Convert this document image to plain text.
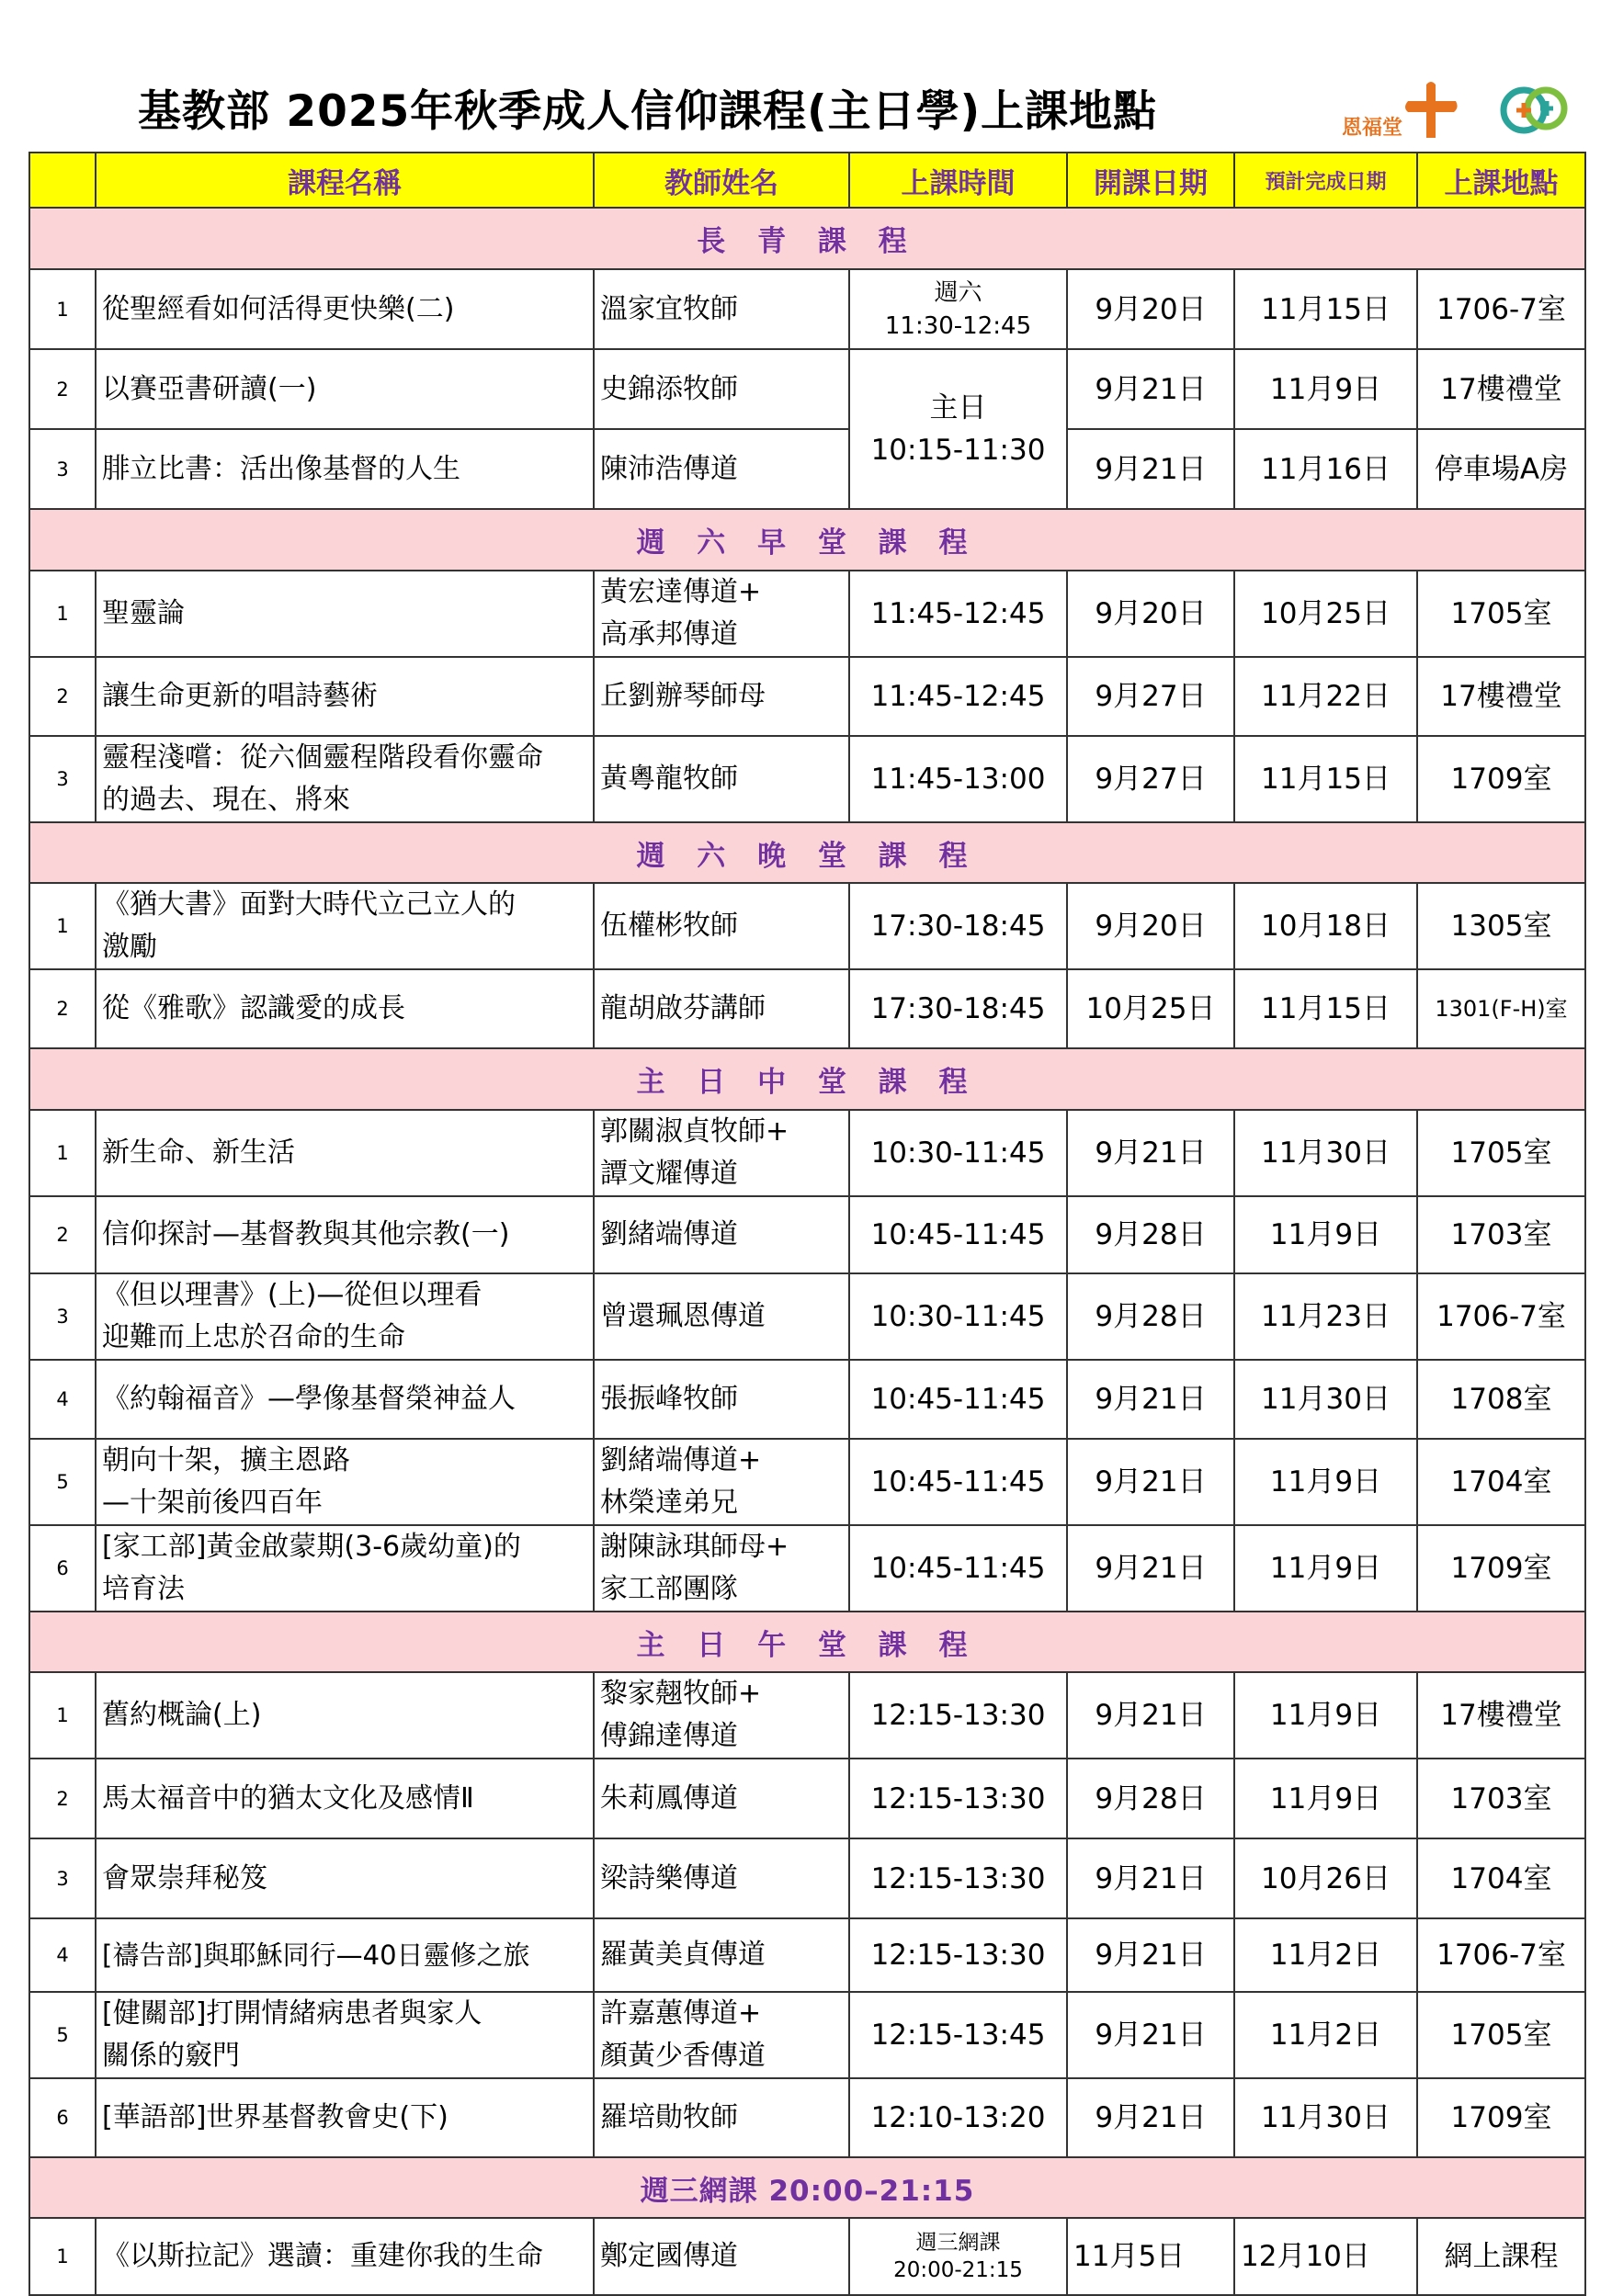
基教部 2025年秋季成人信仰課程(主日學)上課地點	恩福堂
	課程名稱	教師姓名	上課時間	開課日期	預計完成日期	上課地點
長 青 課 程						
1	從聖經看如何活得更快樂(二)	溫家宜牧師	週六
11:30-12:45	9月20日	11月15日	1706-7室
2	以賽亞書研讀(一)	史錦添牧師	主日
10:15-11:30	9月21日	11月9日	17樓禮堂
3	腓立比書：活出像基督的人生	陳沛浩傳道		9月21日	11月16日	停車場A房
週 六 早 堂 課 程						
1	聖靈論	黃宏達傳道+
高承邦傳道	11:45-12:45	9月20日	10月25日	1705室
2	讓生命更新的唱詩藝術	丘劉辦琴師母	11:45-12:45	9月27日	11月22日	17樓禮堂
3	靈程淺嚐：從六個靈程階段看你靈命
的過去、現在、將來	黃粵龍牧師	11:45-13:00	9月27日	11月15日	1709室
週 六 晚 堂 課 程						
1	《猶大書》面對大時代立己立人的
激勵	伍權彬牧師	17:30-18:45	9月20日	10月18日	1305室
2	從《雅歌》認識愛的成長	龍胡啟芬講師	17:30-18:45	10月25日	11月15日	1301(F-H)室
主 日 中 堂 課 程						
1	新生命、新生活	郭關淑貞牧師+
譚文耀傳道	10:30-11:45	9月21日	11月30日	1705室
2	信仰探討—基督教與其他宗教(一)	劉緒端傳道	10:45-11:45	9月28日	11月9日	1703室
3	《但以理書》(上)—從但以理看
迎難而上忠於召命的生命	曾還珮恩傳道	10:30-11:45	9月28日	11月23日	1706-7室
4	《約翰福音》—學像基督榮神益人	張振峰牧師	10:45-11:45	9月21日	11月30日	1708室
5	朝向十架，擴主恩路
—十架前後四百年	劉緒端傳道+
林榮達弟兄	10:45-11:45	9月21日	11月9日	1704室
6	[家工部]黃金啟蒙期(3-6歲幼童)的
培育法	謝陳詠琪師母+
家工部團隊	10:45-11:45	9月21日	11月9日	1709室
主 日 午 堂 課 程						
1	舊約概論(上)	黎家翹牧師+
傅錦達傳道	12:15-13:30	9月21日	11月9日	17樓禮堂
2	馬太福音中的猶太文化及感情Ⅱ	朱莉鳳傳道	12:15-13:30	9月28日	11月9日	1703室
3	會眾崇拜秘笈	梁詩樂傳道	12:15-13:30	9月21日	10月26日	1704室
4	[禱告部]與耶穌同行—40日靈修之旅	羅黃美貞傳道	12:15-13:30	9月21日	11月2日	1706-7室
5	[健關部]打開情緒病患者與家人
關係的竅門	許嘉蕙傳道+
顏黃少香傳道	12:15-13:45	9月21日	11月2日	1705室
6	[華語部]世界基督教會史(下)	羅培勛牧師	12:10-13:20	9月21日	11月30日	1709室
週三網課 20:00–21:15						
1	《以斯拉記》選讀：重建你我的生命	鄭定國傳道	週三網課
20:00-21:15	11月5日	12月10日	網上課程
